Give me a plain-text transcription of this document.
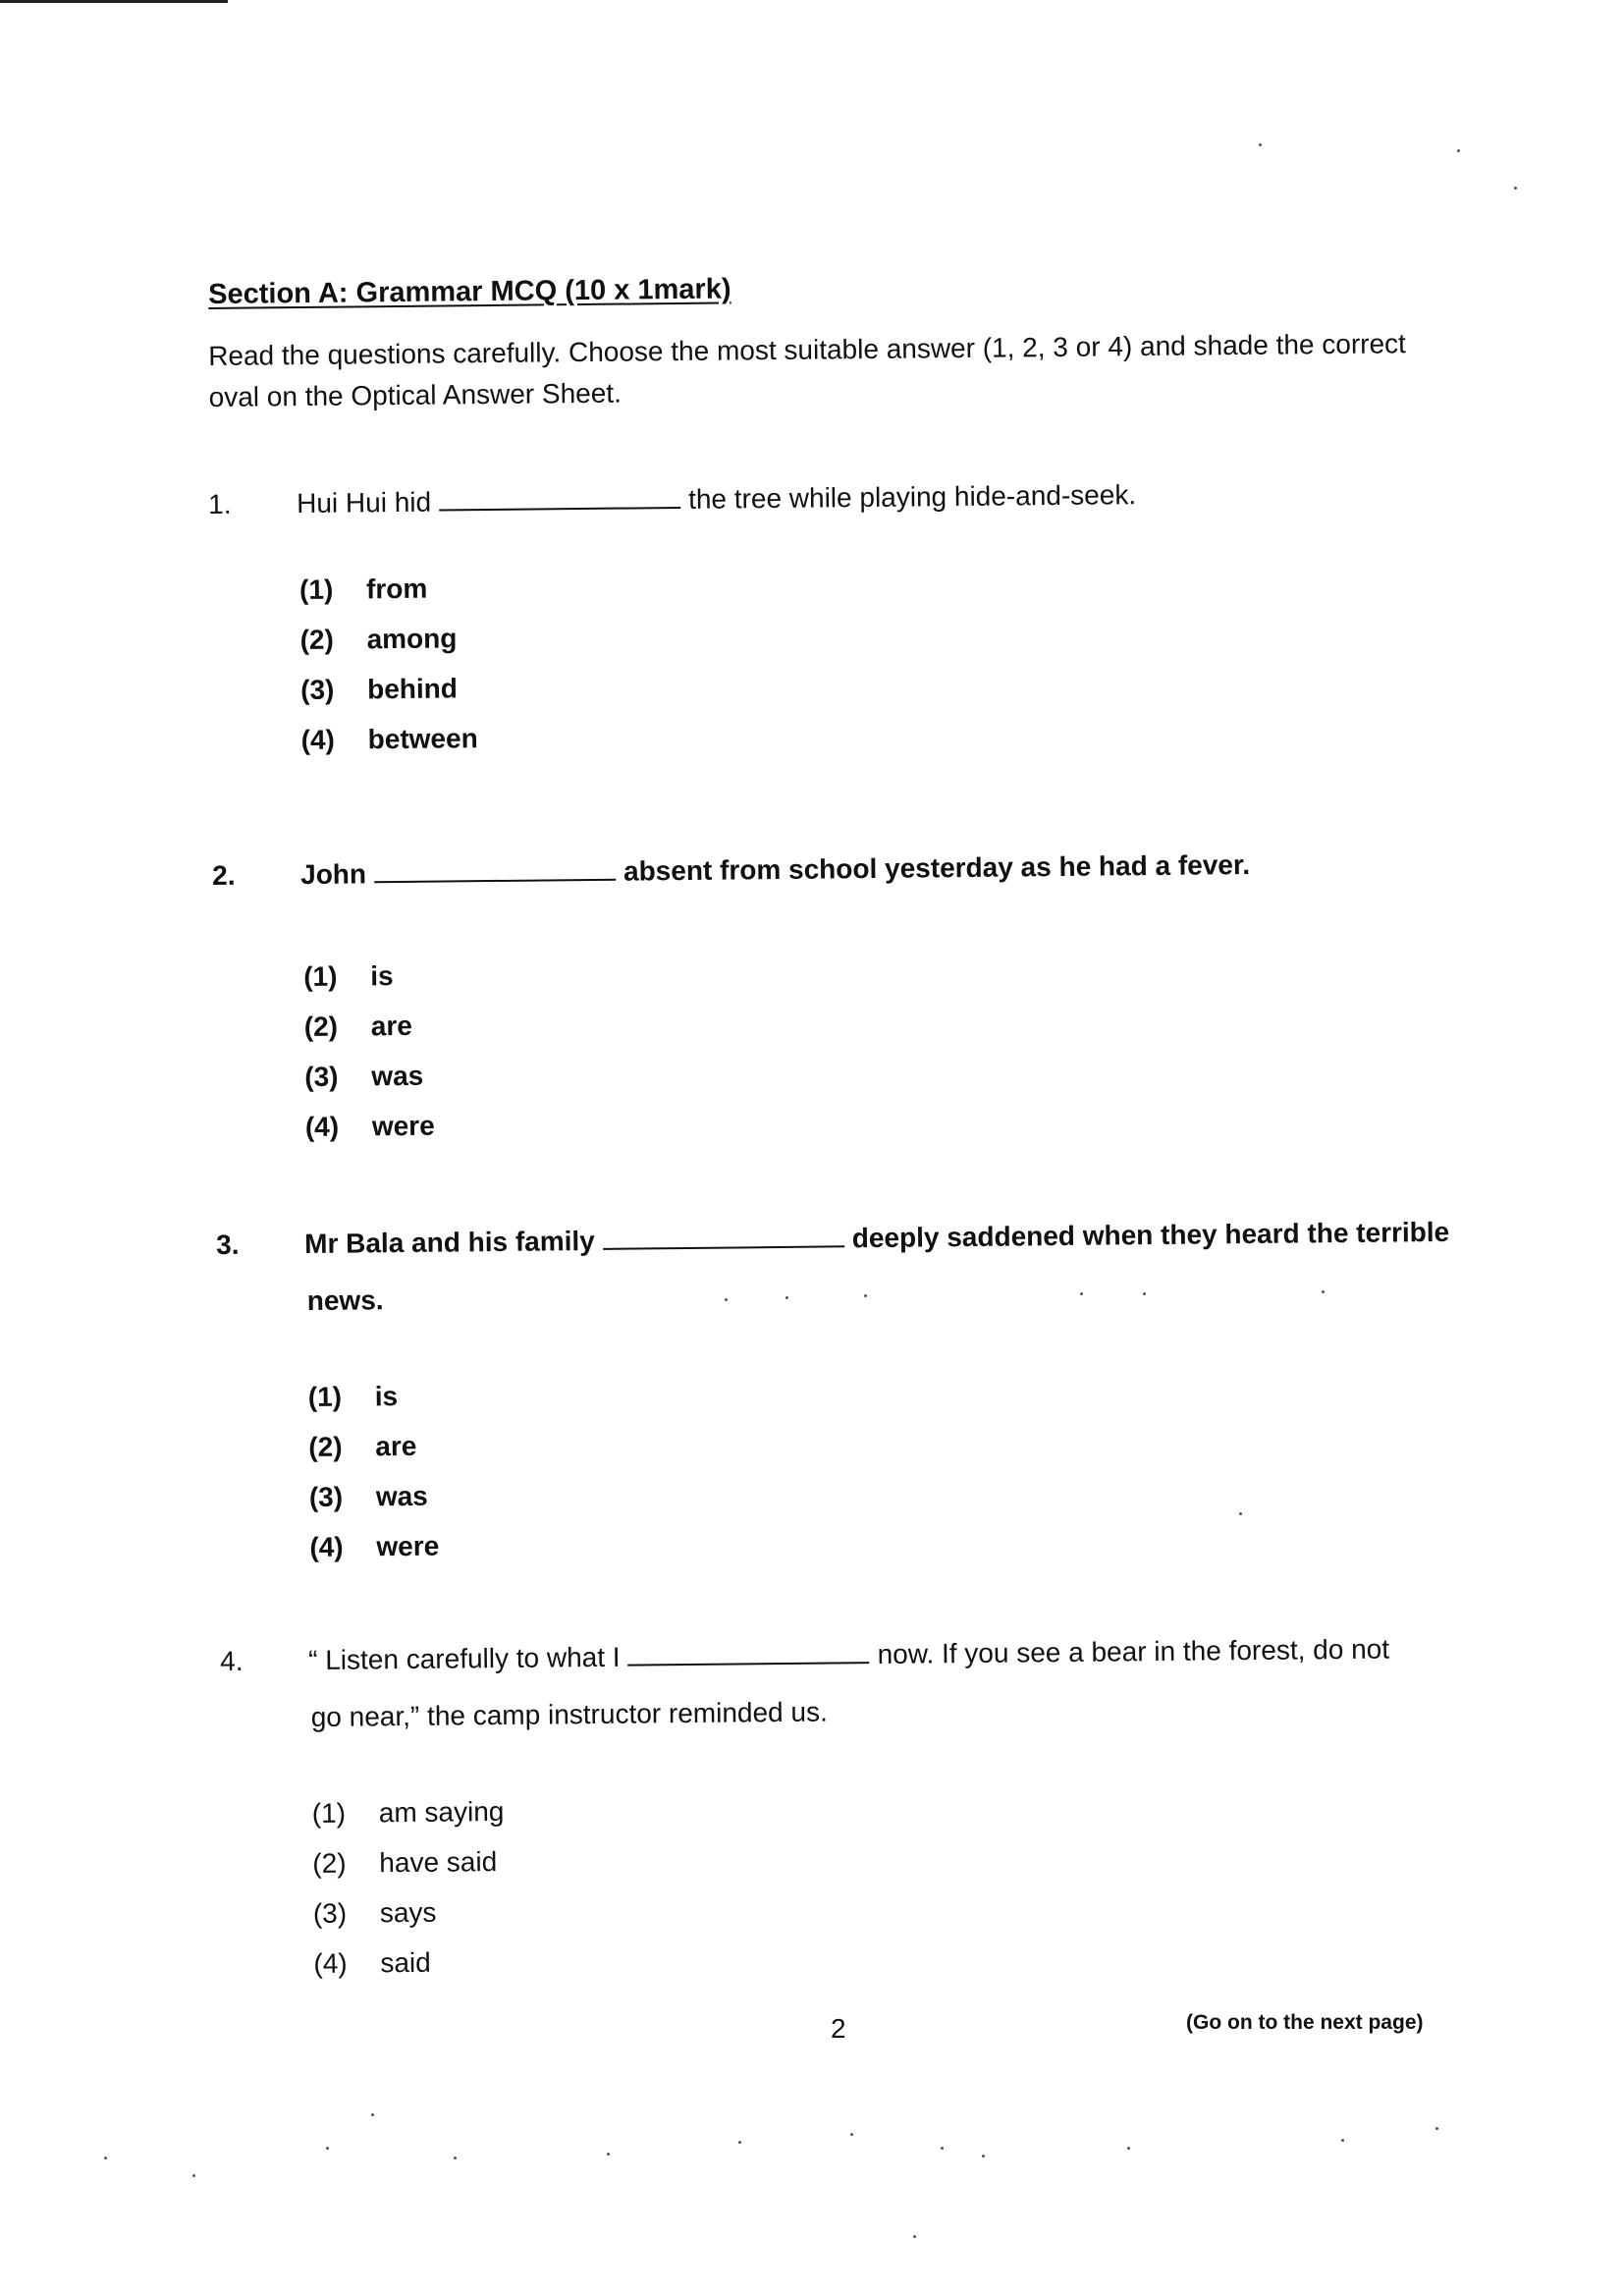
Section A: Grammar MCQ (10 x 1mark)
Read the questions carefully. Choose the most suitable answer (1, 2, 3 or 4) and shade the correct oval on the Optical Answer Sheet.
1. Hui Hui hid	the tree while playing hide-and-seek.
(1) from
(2) among
(3) behind
(4) between
2. John	absent from school yesterday as he had a fever.
(1) is
(2) are
(3) was
(4) were
3. Mr Bala and his family	deeply saddened when they heard the terrible
news.
(1) is
(2) are
(3) was
(4) were
4. “ Listen carefully to what I	now. If you see a bear in the forest, do not
go near,” the camp instructor reminded us.
(1) am saying
(2) have said
(3) says
(4) said
2	(Go on to the next page)
